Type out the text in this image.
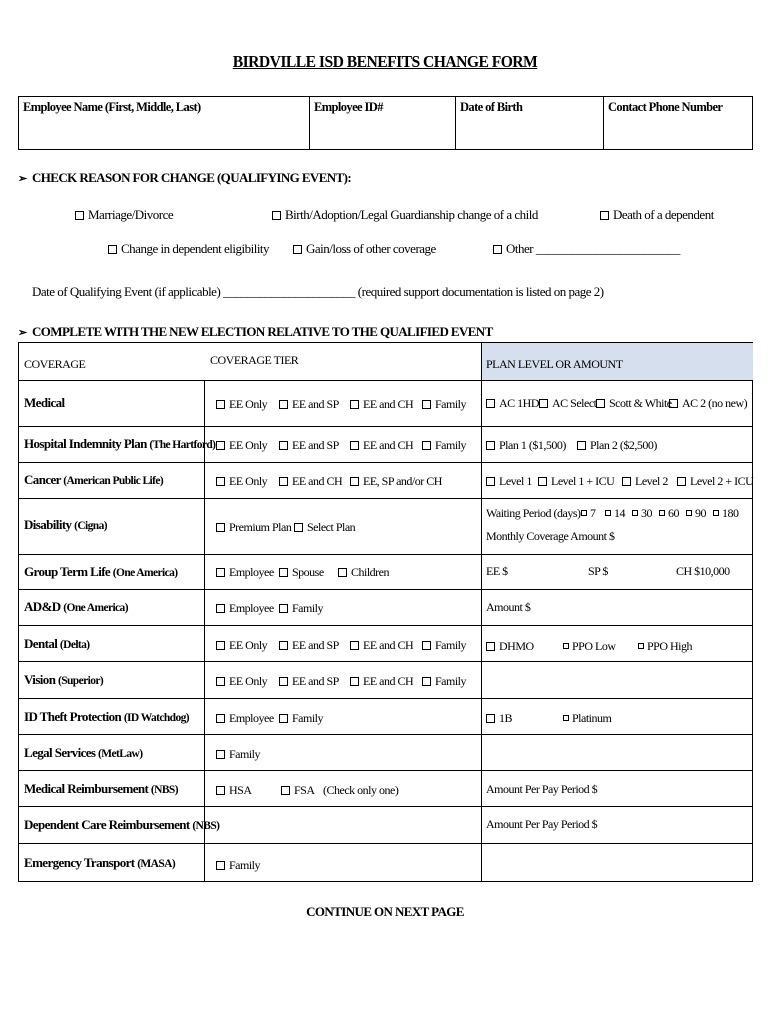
BIRDVILLE ISD BENEFITS CHANGE FORM
Employee Name (First, Middle, Last)	Employee ID#	Date of Birth	Contact Phone Number
➢ CHECK REASON FOR CHANGE (QUALIFYING EVENT):
Marriage/Divorce	Birth/Adoption/Legal Guardianship change of a child	Death of a dependent
Change in dependent eligibility	Gain/loss of other coverage	Other ________________________
Date of Qualifying Event (if applicable) ______________________ (required support documentation is listed on page 2)
➢ COMPLETE WITH THE NEW ELECTION RELATIVE TO THE QUALIFIED EVENT
COVERAGE	COVERAGE TIER	PLAN LEVEL OR AMOUNT
Medical	EE Only	EE and SP	EE and CH	Family	AC 1HD	AC Select	Scott & White AC 2 (no new)
Hospital Indemnity Plan (The Hartford)	EE Only	EE and SP	EE and CH	Family	Plan 1 ($1,500)	Plan 2 ($2,500)
Cancer (American Public Life)	EE Only	EE and CH	EE, SP and/or CH	Level 1	Level 1 + ICU	Level 2	Level 2 + ICU
Disability (Cigna)	Premium Plan	Select Plan
Waiting Period (days) 7	14	30	60	90	180
Monthly Coverage Amount $
Group Term Life (One America)	Employee	Spouse	Children	EE $	SP $	CH $10,000
AD&D (One America)	Employee	Family	Amount $
Dental (Delta)	EE Only	EE and SP	EE and CH	Family	DHMO	PPO Low	PPO High
Vision (Superior)	EE Only	EE and SP	EE and CH	Family
ID Theft Protection (ID Watchdog)	Employee	Family	1B	Platinum
Legal Services (MetLaw)	Family
Medical Reimbursement (NBS)	HSA	FSA (Check only one)	Amount Per Pay Period $
Dependent Care Reimbursement (NBS)	Amount Per Pay Period $
Emergency Transport (MASA)	Family
CONTINUE ON NEXT PAGE
